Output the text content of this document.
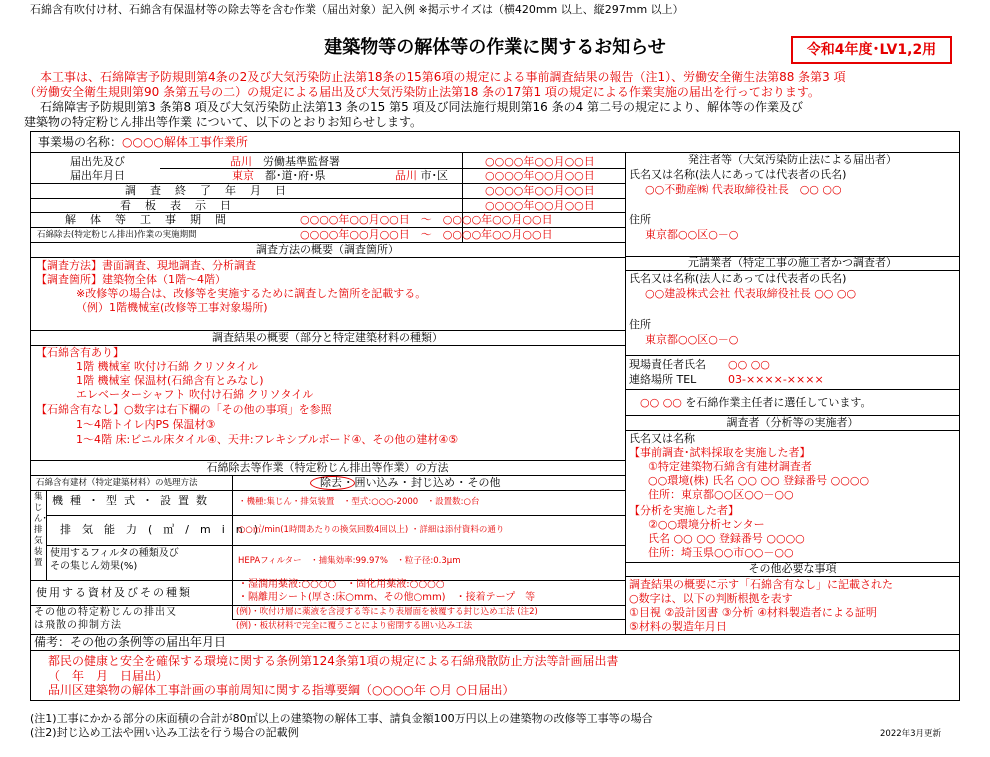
石綿含有吹付け材、石綿含有保温材等の除去等を含む作業（届出対象）記入例 ※掲示サイズは（横420mm 以上、縦297mm 以上）
建築物等の解体等の作業に関するお知らせ	令和4年度･LV1,2用
本工事は、石綿障害予防規則第4条の2及び大気汚染防止法第18条の15第6項の規定による事前調査結果の報告（注1）、労働安全衛生法第88 条第3 項
（労働安全衛生規則第90 条第五号の二）の規定による届出及び大気汚染防止法第18 条の17第1 項の規定による作業実施の届出を行っております。
石綿障害予防規則第3 条第8 項及び大気汚染防止法第13 条の15 第5 項及び同法施行規則第16 条の4 第二号の規定により、解体等の作業及び
建築物の特定粉じん排出等作業 について、以下のとおりお知らせします。
事業場の名称：○○○○解体工事作業所
届出先及び
届出年月日
品川　 労働基準監督署	○○○○年○○月○○日
東京　 都･道･府･県	品川 市･区	○○○○年○○月○○日
調査終了年月日	○○○○年○○月○○日
看板表示日	○○○○年○○月○○日
解体等工事期間	○○○○年○○月○○日　～　○○○○年○○月○○日
石綿除去(特定粉じん排出)作業の実施期間	○○○○年○○月○○日　～　○○○○年○○月○○日
調査方法の概要（調査箇所）
【調査方法】書面調査、現地調査、分析調査
【調査箇所】建築物全体（1階～4階）
※改修等の場合は、改修等を実施するために調査した箇所を記載する。
（例）1階機械室(改修等工事対象場所)
調査結果の概要（部分と特定建築材料の種類）
【石綿含有あり】
1階 機械室 吹付け石綿 クリソタイル
1階 機械室 保温材(石綿含有とみなし)
エレベーターシャフト 吹付け石綿 クリソタイル
【石綿含有なし】○数字は右下欄の「その他の事項」を参照
1～4階トイレ内PS 保温材③
1～4階 床:ビニル床タイル④、天井:フレキシブルボード④、その他の建材④⑤
石綿除去等作業（特定粉じん排出等作業）の方法
石綿含有建材（特定建築材料）の処理方法	除去 ･ 囲い込み ･ 封じ込め ･ その他
集じん･排気装置
機種・型式・設置数	・機種:集じん・排気装置　・型式:○○○-2000　・設置数:○台
排気能力(㎥/min)
○○㎥/min(1時間あたりの換気回数4回以上) ・詳細は添付資料の通り
使用するフィルタの種類及び
その集じん効果(%)	HEPAフィルター　・捕集効率:99.97%　・粒子径:0.3μm
使用する資材及びその種類
・湿潤用薬液:○○○○　・固化用薬液:○○○○
・隔離用シート(厚さ:床○mm、その他○mm)　・接着テープ　等
その他の特定粉じんの排出又
は飛散の抑制方法
(例)・吹付け層に薬液を含浸する等により表層面を被覆する封じ込め工法 (注2)
(例)・板状材料で完全に覆うことにより密閉する囲い込み工法
備考：その他の条例等の届出年月日
都民の健康と安全を確保する環境に関する条例第124条第1項の規定による石綿飛散防止方法等計画届出書
（　年　月　日届出）
品川区建築物の解体工事計画の事前周知に関する指導要綱（○○○○年 ○月 ○日届出）
発注者等（大気汚染防止法による届出者）
氏名又は名称(法人にあっては代表者の氏名)
○○不動産㈱ 代表取締役社長　○○ ○○
住所
東京都○○区○－○
元請業者（特定工事の施工者かつ調査者）
氏名又は名称(法人にあっては代表者の氏名)
○○建設株式会社 代表取締役社長 ○○ ○○
住所
東京都○○区○－○
現場責任者氏名 ○○ ○○
連絡場所 TEL	03-××××-××××
○○ ○○ を石綿作業主任者に選任しています。
調査者（分析等の実施者）
氏名又は名称
【事前調査･試料採取を実施した者】
①特定建築物石綿含有建材調査者
○○環境(株) 氏名 ○○ ○○ 登録番号 ○○○○
住所：東京都○○区○○－○○
【分析を実施した者】
②○○環境分析センター
氏名 ○○ ○○ 登録番号 ○○○○
住所：埼玉県○○市○○－○○
その他必要な事項
調査結果の概要に示す「石綿含有なし」に記載された
○数字は、以下の判断根拠を表す
①目視 ②設計図書 ③分析 ④材料製造者による証明
⑤材料の製造年月日
(注1)工事にかかる部分の床面積の合計が80㎡以上の建築物の解体工事、請負金額100万円以上の建築物の改修等工事等の場合
(注2)封じ込め工法や囲い込み工法を行う場合の記載例	2022年3月更新
